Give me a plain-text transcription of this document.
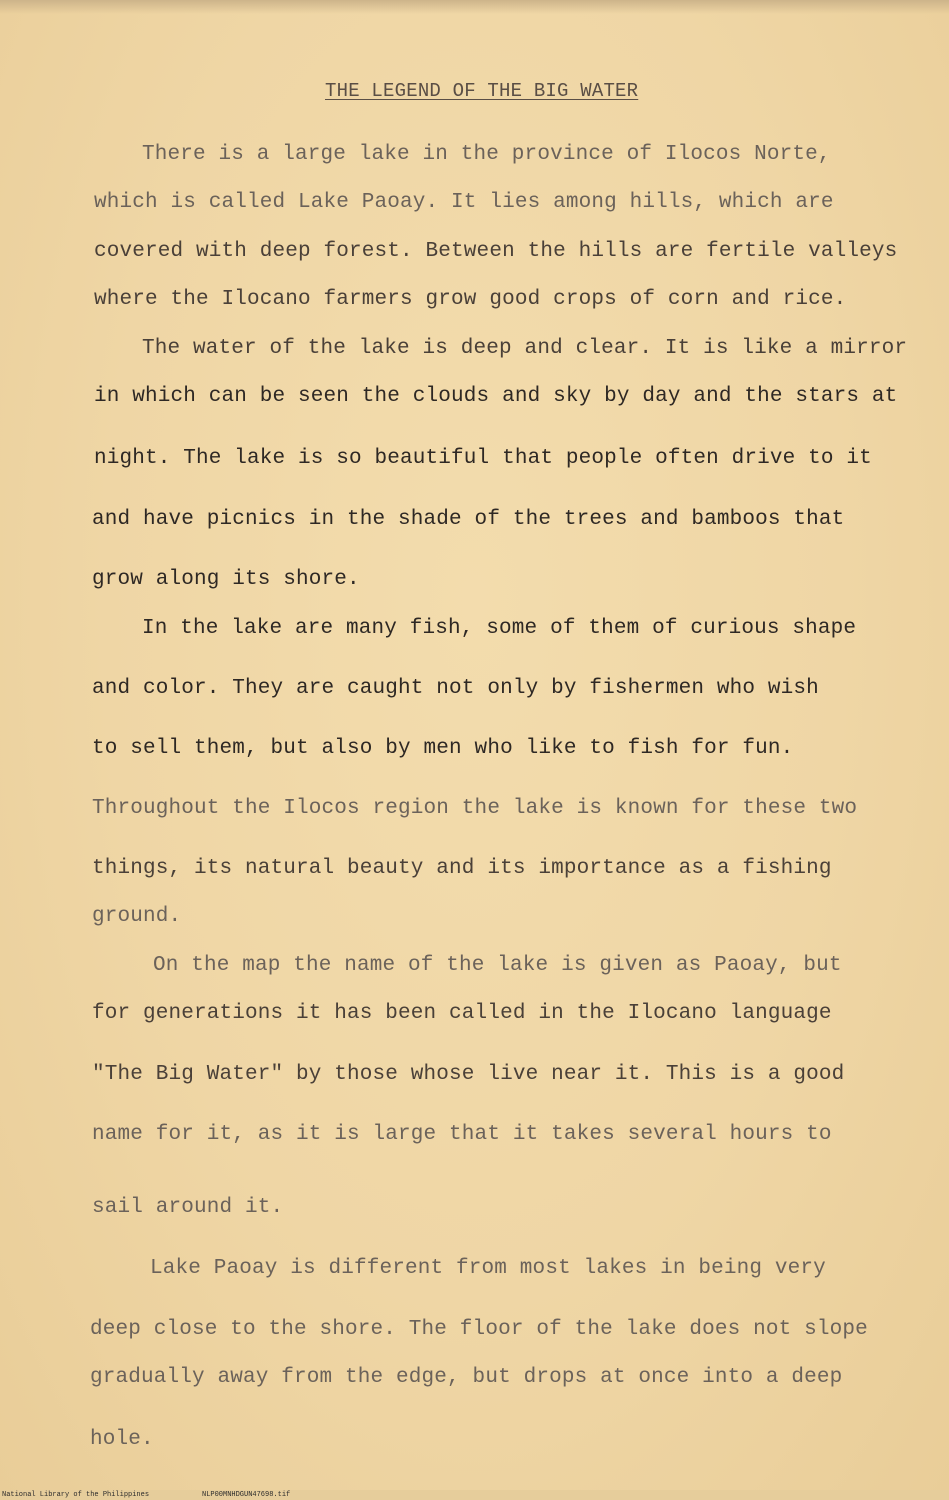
THE LEGEND OF THE BIG WATER
There is a large lake in the province of Ilocos Norte,
which is called Lake Paoay. It lies among hills, which are
covered with deep forest. Between the hills are fertile valleys
where the Ilocano farmers grow good crops of corn and rice.
The water of the lake is deep and clear. It is like a mirror
in which can be seen the clouds and sky by day and the stars at
night. The lake is so beautiful that people often drive to it
and have picnics in the shade of the trees and bamboos that
grow along its shore.
In the lake are many fish, some of them of curious shape
and color. They are caught not only by fishermen who wish
to sell them, but also by men who like to fish for fun.
Throughout the Ilocos region the lake is known for these two
things, its natural beauty and its importance as a fishing
ground.
On the map the name of the lake is given as Paoay, but
for generations it has been called in the Ilocano language
"The Big Water" by those whose live near it. This is a good
name for it, as it is large that it takes several hours to
sail around it.
Lake Paoay is different from most lakes in being very
deep close to the shore. The floor of the lake does not slope
gradually away from the edge, but drops at once into a deep
hole.
National Library of the Philippines	NLP00MNHDGUN47698.tif
